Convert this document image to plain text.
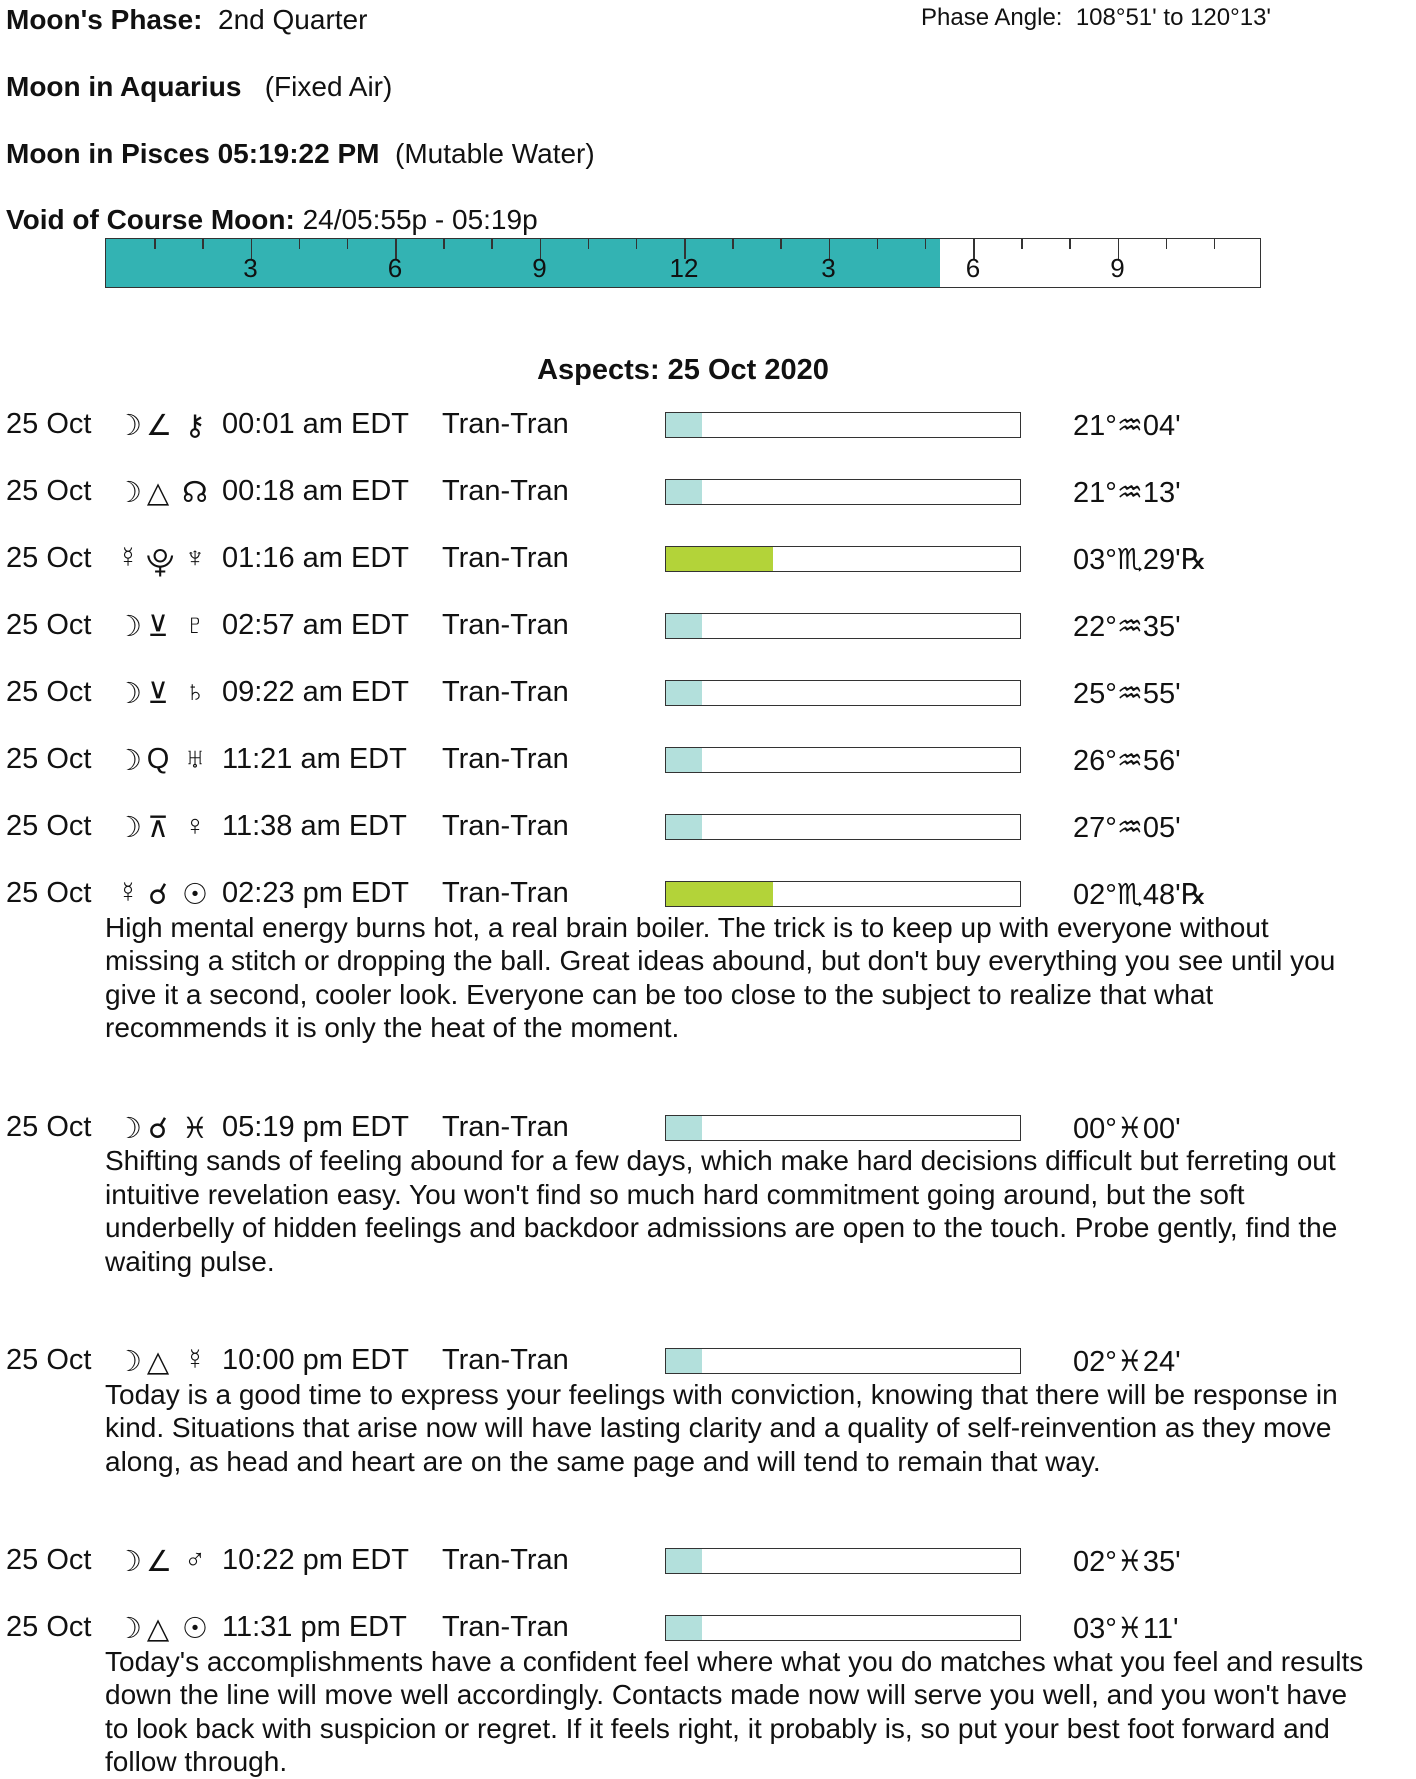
Moon's Phase: 2nd Quarter	Phase Angle: 108°51' to 120°13'
Moon in Aquarius (Fixed Air)
Moon in Pisces 05:19:22 PM (Mutable Water)
Void of Course Moon: 24/05:55p - 05:19p
3	6	9	12	3	6	9
Aspects: 25 Oct 2020
25 Oct ☽ ∠ ⚷ 00:01 am EDT Tran-Tran	21°♒04'
25 Oct ☽ △ ☊ 00:18 am EDT Tran-Tran	21°♒13'
25 Oct ☿ ⯓ ♆ 01:16 am EDT Tran-Tran	03°♏29'℞
25 Oct ☽ ⊻ ♇ 02:57 am EDT Tran-Tran	22°♒35'
25 Oct ☽ ⊻ ♄ 09:22 am EDT Tran-Tran	25°♒55'
25 Oct ☽ Q ♅ 11:21 am EDT Tran-Tran	26°♒56'
25 Oct ☽ ⊼ ♀ 11:38 am EDT Tran-Tran	27°♒05'
25 Oct ☿ ☌ ☉ 02:23 pm EDT Tran-Tran	02°♏48'℞
High mental energy burns hot, a real brain boiler. The trick is to keep up with everyone without missing a stitch or dropping the ball. Great ideas abound, but don't buy everything you see until you give it a second, cooler look. Everyone can be too close to the subject to realize that what recommends it is only the heat of the moment.
25 Oct ☽ ☌ ♓ 05:19 pm EDT Tran-Tran	00°♓00'
Shifting sands of feeling abound for a few days, which make hard decisions difficult but ferreting out intuitive revelation easy. You won't find so much hard commitment going around, but the soft underbelly of hidden feelings and backdoor admissions are open to the touch. Probe gently, find the waiting pulse.
25 Oct ☽ △ ☿ 10:00 pm EDT Tran-Tran	02°♓24'
Today is a good time to express your feelings with conviction, knowing that there will be response in kind. Situations that arise now will have lasting clarity and a quality of self-reinvention as they move along, as head and heart are on the same page and will tend to remain that way.
25 Oct ☽ ∠ ♂ 10:22 pm EDT Tran-Tran	02°♓35'
25 Oct ☽ △ ☉ 11:31 pm EDT Tran-Tran	03°♓11'
Today's accomplishments have a confident feel where what you do matches what you feel and results down the line will move well accordingly. Contacts made now will serve you well, and you won't have to look back with suspicion or regret. If it feels right, it probably is, so put your best foot forward and follow through.
